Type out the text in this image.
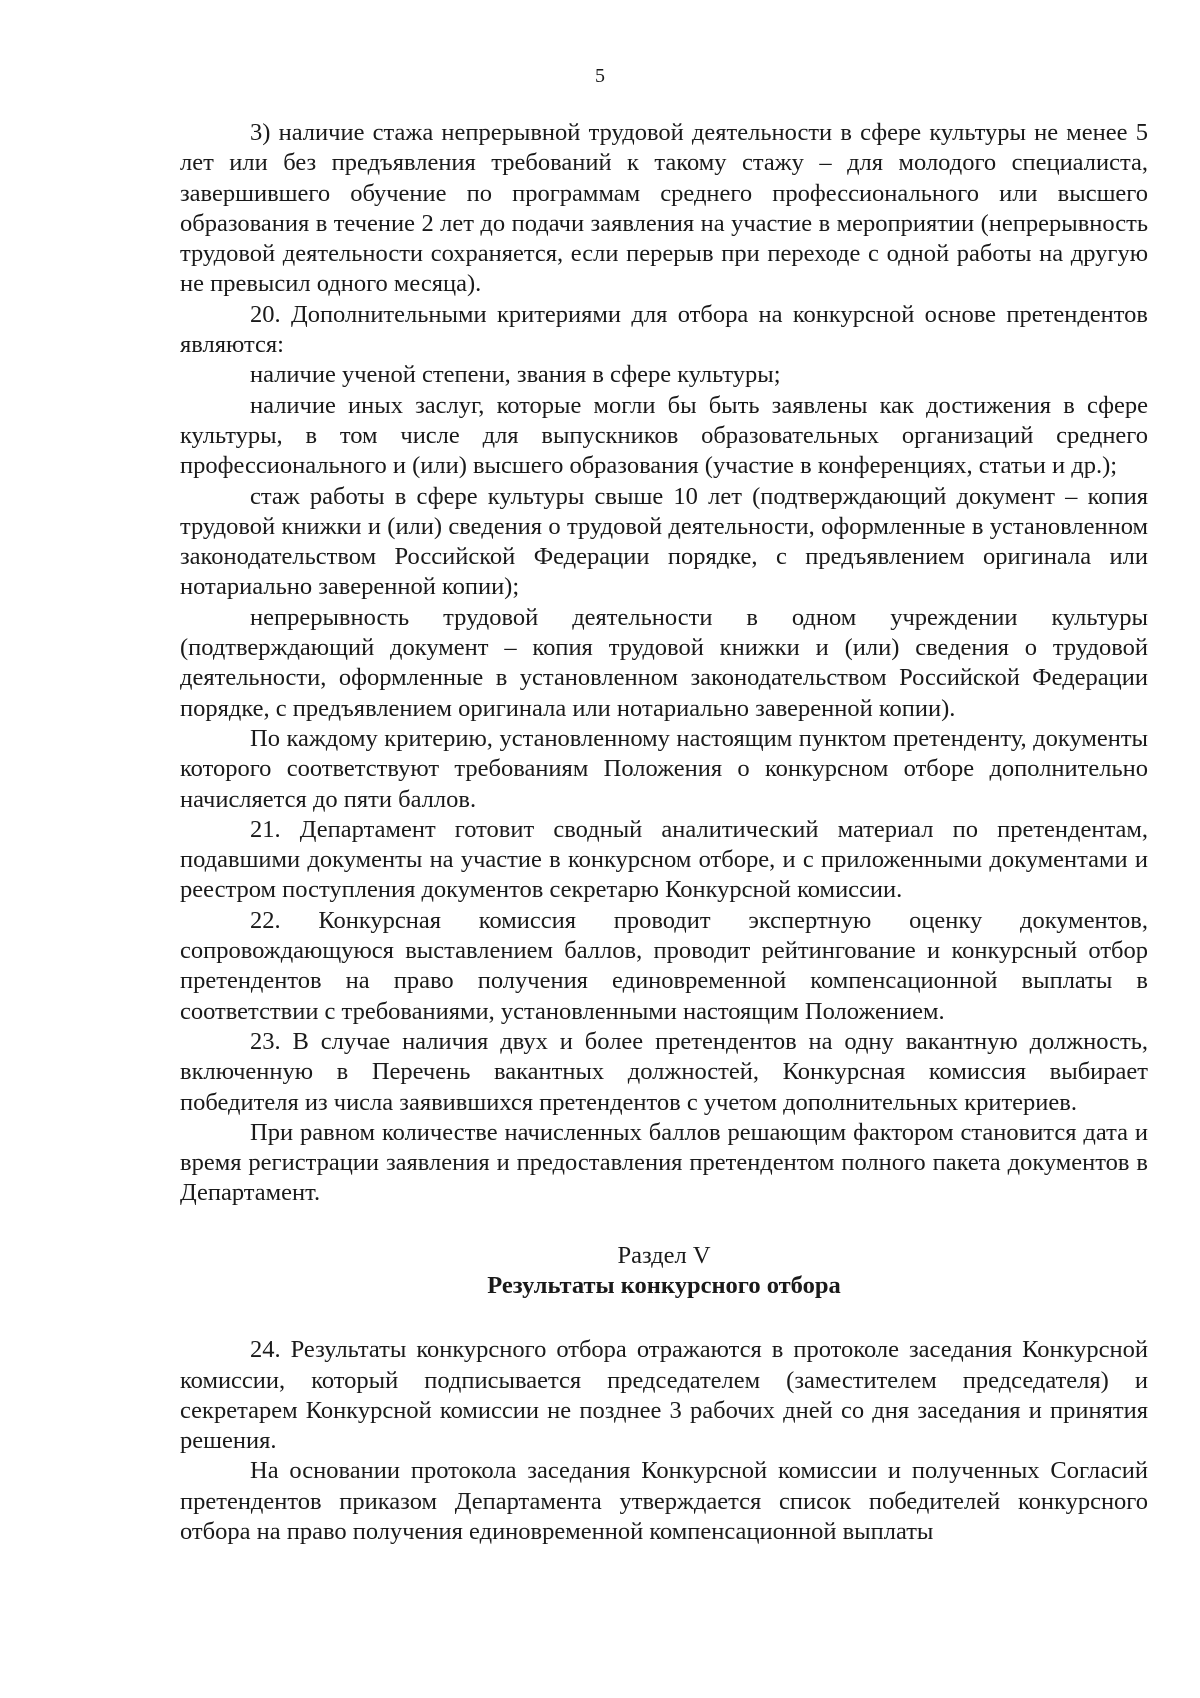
5

3) наличие стажа непрерывной трудовой деятельности в сфере культуры не менее 5 лет или без предъявления требований к такому стажу – для молодого специалиста, завершившего обучение по программам среднего профессионального или высшего образования в течение 2 лет до подачи заявления на участие в мероприятии (непрерывность трудовой деятельности сохраняется, если перерыв при переходе с одной работы на другую не превысил одного месяца).

20. Дополнительными критериями для отбора на конкурсной основе претендентов являются:

наличие ученой степени, звания в сфере культуры;

наличие иных заслуг, которые могли бы быть заявлены как достижения в сфере культуры, в том числе для выпускников образовательных организаций среднего профессионального и (или) высшего образования (участие в конференциях, статьи и др.);

стаж работы в сфере культуры свыше 10 лет (подтверждающий документ – копия трудовой книжки и (или) сведения о трудовой деятельности, оформленные в установленном законодательством Российской Федерации порядке, с предъявлением оригинала или нотариально заверенной копии);

непрерывность трудовой деятельности в одном учреждении культуры (подтверждающий документ – копия трудовой книжки и (или) сведения о трудовой деятельности, оформленные в установленном законодательством Российской Федерации порядке, с предъявлением оригинала или нотариально заверенной копии).

По каждому критерию, установленному настоящим пунктом претенденту, документы которого соответствуют требованиям Положения о конкурсном отборе дополнительно начисляется до пяти баллов.

21. Департамент готовит сводный аналитический материал по претендентам, подавшими документы на участие в конкурсном отборе, и с приложенными документами и реестром поступления документов секретарю Конкурсной комиссии.

22. Конкурсная комиссия проводит экспертную оценку документов, сопровождающуюся выставлением баллов, проводит рейтингование и конкурсный отбор претендентов на право получения единовременной компенсационной выплаты в соответствии с требованиями, установленными настоящим Положением.

23. В случае наличия двух и более претендентов на одну вакантную должность, включенную в Перечень вакантных должностей, Конкурсная комиссия выбирает победителя из числа заявившихся претендентов с учетом дополнительных критериев.

При равном количестве начисленных баллов решающим фактором становится дата и время регистрации заявления и предоставления претендентом полного пакета документов в Департамент.

Раздел V
Результаты конкурсного отбора

24. Результаты конкурсного отбора отражаются в протоколе заседания Конкурсной комиссии, который подписывается председателем (заместителем председателя) и секретарем Конкурсной комиссии не позднее 3 рабочих дней со дня заседания и принятия решения.

На основании протокола заседания Конкурсной комиссии и полученных Согласий претендентов приказом Департамента утверждается список победителей конкурсного отбора на право получения единовременной компенсационной выплаты
